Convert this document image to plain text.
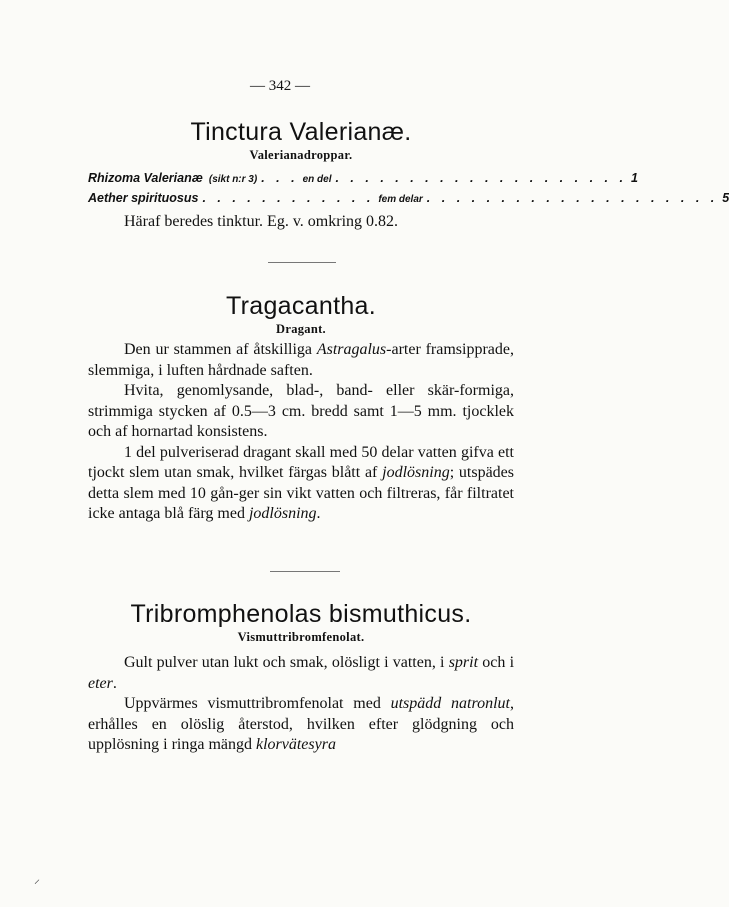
— 342 —
Tinctura Valerianæ.
Valerianadroppar.
Rhizoma Valerianæ (sikt n:r 3) . . . en del . . . . . . . . . . . . . . . . . . . . 1
Aether spirituosus . . . . . . . . . . . . fem delar . . . . . . . . . . . . . . . . . . . . 5

Häraf beredes tinktur. Eg. v. omkring 0.82.

Tragacantha.
Dragant.

Den ur stammen af åtskilliga Astragalus-arter framsipprade, slemmiga, i luften hårdnade saften.

Hvita, genomlysande, blad-, band- eller skär-formiga, strimmiga stycken af 0.5—3 cm. bredd samt 1—5 mm. tjocklek och af hornartad konsistens.

1 del pulveriserad dragant skall med 50 delar vatten gifva ett tjockt slem utan smak, hvilket färgas blått af jodlösning; utspädes detta slem med 10 gån-ger sin vikt vatten och filtreras, får filtratet icke antaga blå färg med jodlösning.

Tribromphenolas bismuthicus.
Vismuttribromfenolat.

Gult pulver utan lukt och smak, olösligt i vatten, i sprit och i eter.

Uppvärmes vismuttribromfenolat med utspädd natronlut, erhålles en olöslig återstod, hvilken efter glödgning och upplösning i ringa mängd klorvätesyra

⸝
